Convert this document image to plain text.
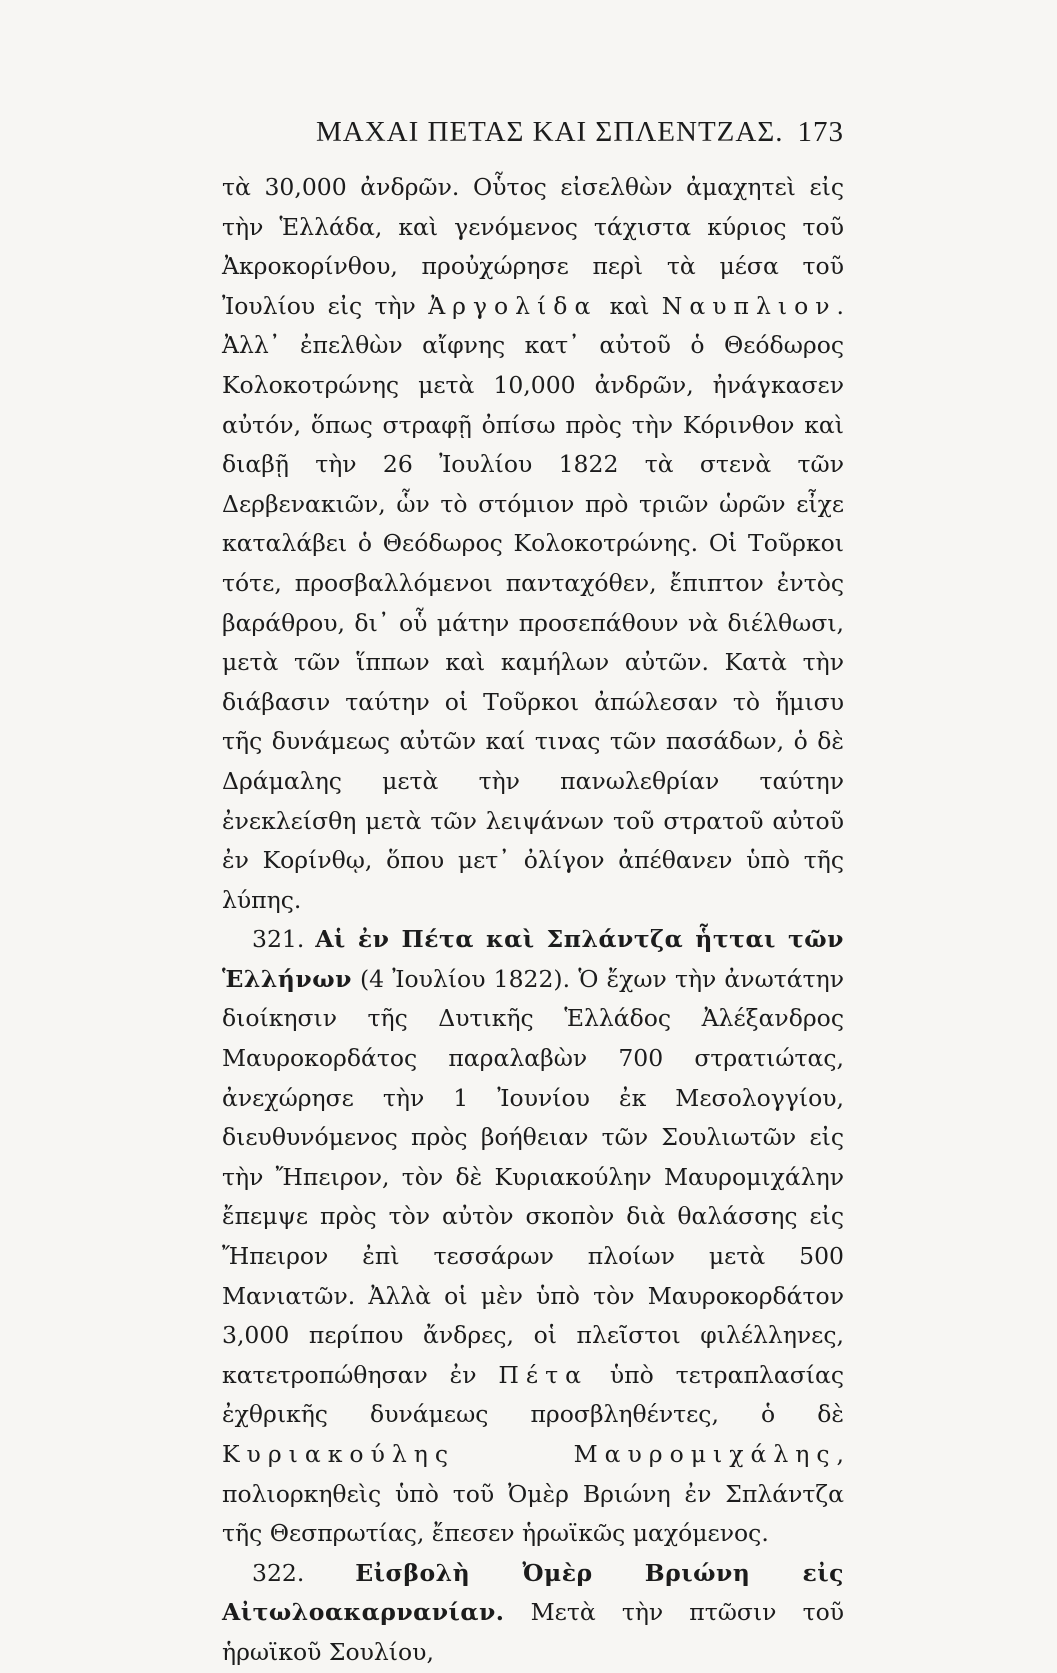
ΜΑΧΑΙ ΠΕΤΑΣ ΚΑΙ ΣΠΛΕΝΤΖΑΣ. 173

τὰ 30,000 ἀνδρῶν. Οὗτος εἰσελθὼν ἀμαχητεὶ εἰς τὴν Ἑλλάδα, καὶ γενόμενος τάχιστα κύριος τοῦ Ἀκροκορίνθου, προὐχώρησε περὶ τὰ μέσα τοῦ Ἰουλίου εἰς τὴν Ἀργολίδα καὶ Ναυπλιον. Ἀλλ᾽ ἐπελθὼν αἴφνης κατ᾽ αὐτοῦ ὁ Θεόδωρος Κολοκοτρώνης μετὰ 10,000 ἀνδρῶν, ἠνάγκασεν αὐτόν, ὅπως στραφῇ ὀπίσω πρὸς τὴν Κόρινθον καὶ διαβῇ τὴν 26 Ἰουλίου 1822 τὰ στενὰ τῶν Δερβενακιῶν, ὧν τὸ στόμιον πρὸ τριῶν ὡρῶν εἶχε καταλάβει ὁ Θεόδωρος Κολοκοτρώνης. Οἱ Τοῦρκοι τότε, προσβαλλόμενοι πανταχόθεν, ἔπιπτον ἐντὸς βαράθρου, δι᾽ οὗ μάτην προσεπάθουν νὰ διέλθωσι, μετὰ τῶν ἵππων καὶ καμήλων αὐτῶν. Κατὰ τὴν διάβασιν ταύτην οἱ Τοῦρκοι ἀπώλεσαν τὸ ἥμισυ τῆς δυνάμεως αὐτῶν καί τινας τῶν πασάδων, ὁ δὲ Δράμαλης μετὰ τὴν πανωλεθρίαν ταύτην ἐνεκλείσθη μετὰ τῶν λειψάνων τοῦ στρατοῦ αὐτοῦ ἐν Κορίνθῳ, ὅπου μετ᾽ ὀλίγον ἀπέθανεν ὑπὸ τῆς λύπης.

321. Αἱ ἐν Πέτα καὶ Σπλάντζα ἧτται τῶν Ἑλλήνων (4 Ἰουλίου 1822). Ὁ ἔχων τὴν ἀνωτάτην διοίκησιν τῆς Δυτικῆς Ἑλλάδος Ἀλέξανδρος Μαυροκορδάτος παραλαβὼν 700 στρατιώτας, ἀνεχώρησε τὴν 1 Ἰουνίου ἐκ Μεσολογγίου, διευθυνόμενος πρὸς βοήθειαν τῶν Σουλιωτῶν εἰς τὴν Ἤπειρον, τὸν δὲ Κυριακούλην Μαυρομιχάλην ἔπεμψε πρὸς τὸν αὐτὸν σκοπὸν διὰ θαλάσσης εἰς Ἤπειρον ἐπὶ τεσσάρων πλοίων μετὰ 500 Μανιατῶν. Ἀλλὰ οἱ μὲν ὑπὸ τὸν Μαυροκορδάτον 3,000 περίπου ἄνδρες, οἱ πλεῖστοι φιλέλληνες, κατετροπώθησαν ἐν Πέτα ὑπὸ τετραπλασίας ἐχθρικῆς δυνάμεως προσβληθέντες, ὁ δὲ Κυριακούλης Μαυρομιχάλης, πολιορκηθεὶς ὑπὸ τοῦ Ὀμὲρ Βριώνη ἐν Σπλάντζα τῆς Θεσπρωτίας, ἔπεσεν ἡρωϊκῶς μαχόμενος.

322. Εἰσβολὴ Ὀμὲρ Βριώνη εἰς Αἰτωλοακαρνανίαν. Μετὰ τὴν πτῶσιν τοῦ ἡρωϊκοῦ Σουλίου,
